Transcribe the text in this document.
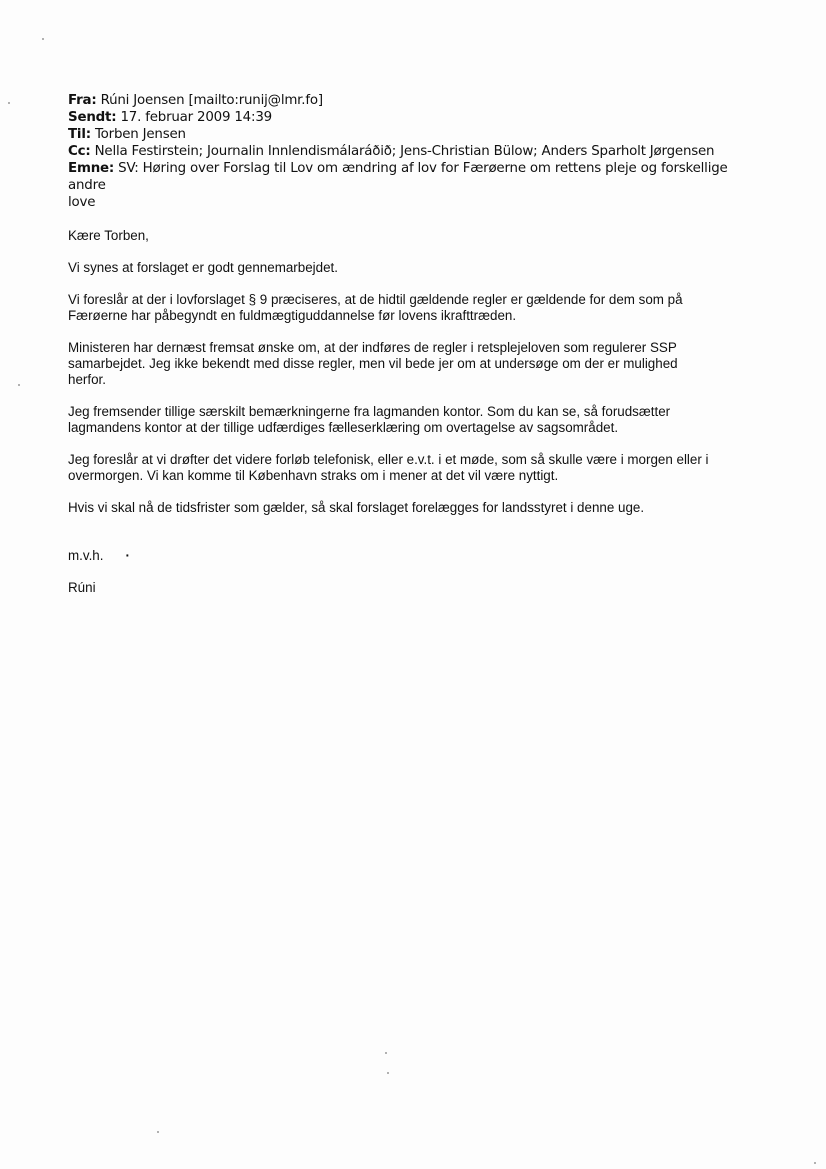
Fra: Rúni Joensen [mailto:runij@lmr.fo]

Sendt: 17. februar 2009 14:39

Til: Torben Jensen

Cc: Nella Festirstein; Journalin Innlendismálaráðið; Jens-Christian Bülow; Anders Sparholt Jørgensen

Emne: SV: Høring over Forslag til Lov om ændring af lov for Færøerne om rettens pleje og forskellige andre

love

Kære Torben,

Vi synes at forslaget er godt gennemarbejdet.

Vi foreslår at der i lovforslaget § 9 præciseres, at de hidtil gældende regler er gældende for dem som på

Færøerne har påbegyndt en fuldmægtiguddannelse før lovens ikrafttræden.

Ministeren har dernæst fremsat ønske om, at der indføres de regler i retsplejeloven som regulerer SSP

samarbejdet. Jeg ikke bekendt med disse regler, men vil bede jer om at undersøge om der er mulighed

herfor.

Jeg fremsender tillige særskilt bemærkningerne fra lagmanden kontor. Som du kan se, så forudsætter

lagmandens kontor at der tillige udfærdiges fælleserklæring om overtagelse av sagsområdet.

Jeg foreslår at vi drøfter det videre forløb telefonisk, eller e.v.t. i et møde, som så skulle være i morgen eller i

overmorgen. Vi kan komme til København straks om i mener at det vil være nyttigt.

Hvis vi skal nå de tidsfrister som gælder, så skal forslaget forelægges for landsstyret i denne uge.

m.v.h. ·

Rúni
